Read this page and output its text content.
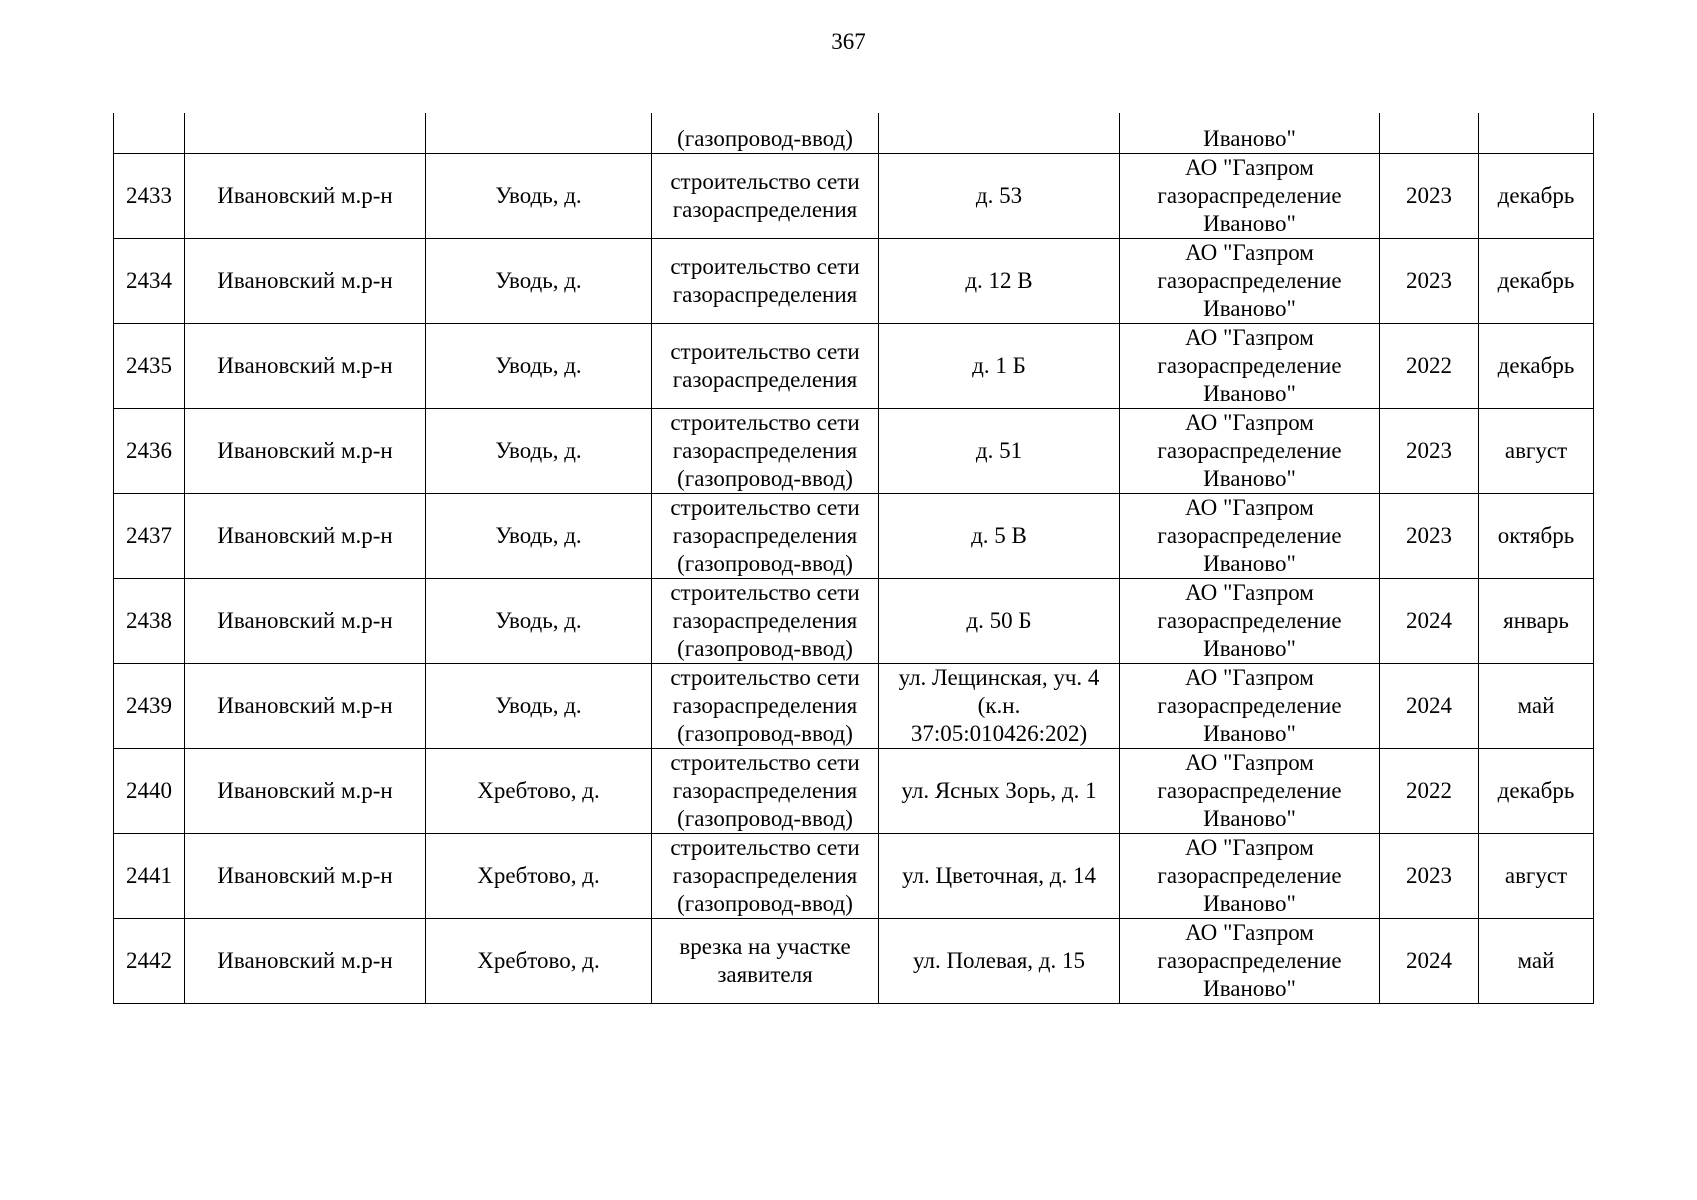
367
			(газопровод-ввод)		Иваново"		
2433	Ивановский м.р-н	Уводь, д.	строительство сети
газораспределения	д. 53	АО "Газпром
газораспределение
Иваново"	2023	декабрь
2434	Ивановский м.р-н	Уводь, д.	строительство сети
газораспределения	д. 12 В	АО "Газпром
газораспределение
Иваново"	2023	декабрь
2435	Ивановский м.р-н	Уводь, д.	строительство сети
газораспределения	д. 1 Б	АО "Газпром
газораспределение
Иваново"	2022	декабрь
2436	Ивановский м.р-н	Уводь, д.	строительство сети
газораспределения
(газопровод-ввод)	д. 51	АО "Газпром
газораспределение
Иваново"	2023	август
2437	Ивановский м.р-н	Уводь, д.	строительство сети
газораспределения
(газопровод-ввод)	д. 5 В	АО "Газпром
газораспределение
Иваново"	2023	октябрь
2438	Ивановский м.р-н	Уводь, д.	строительство сети
газораспределения
(газопровод-ввод)	д. 50 Б	АО "Газпром
газораспределение
Иваново"	2024	январь
2439	Ивановский м.р-н	Уводь, д.	строительство сети
газораспределения
(газопровод-ввод)	ул. Лещинская, уч. 4
(к.н.
37:05:010426:202)	АО "Газпром
газораспределение
Иваново"	2024	май
2440	Ивановский м.р-н	Хребтово, д.	строительство сети
газораспределения
(газопровод-ввод)	ул. Ясных Зорь, д. 1	АО "Газпром
газораспределение
Иваново"	2022	декабрь
2441	Ивановский м.р-н	Хребтово, д.	строительство сети
газораспределения
(газопровод-ввод)	ул. Цветочная, д. 14	АО "Газпром
газораспределение
Иваново"	2023	август
2442	Ивановский м.р-н	Хребтово, д.	врезка на участке
заявителя	ул. Полевая, д. 15	АО "Газпром
газораспределение
Иваново"	2024	май
